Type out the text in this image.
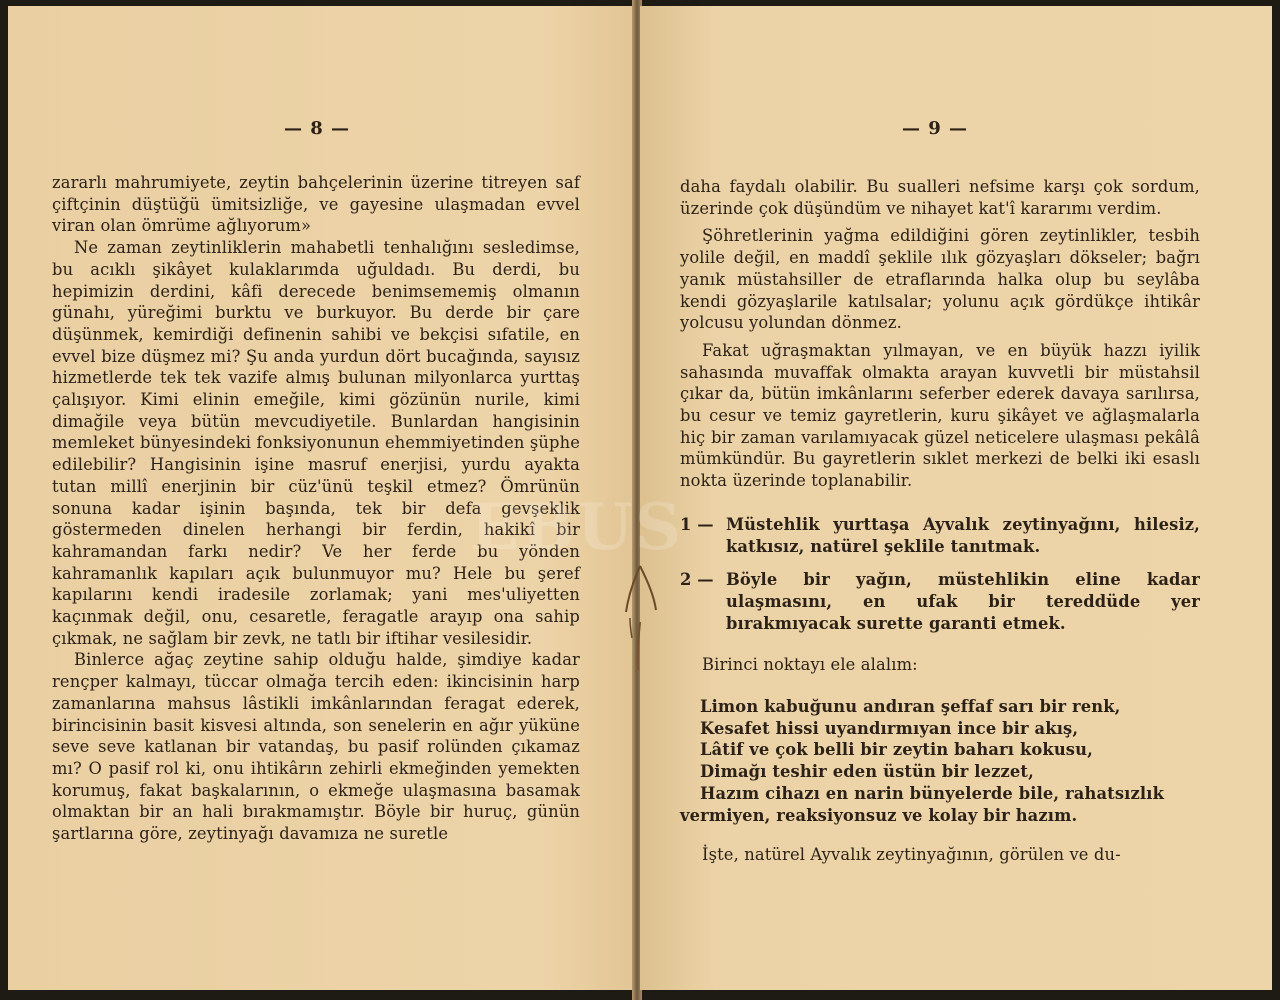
— 8 —

zararlı mahrumiyete, zeytin bahçelerinin üzerine titreyen saf çiftçinin düştüğü ümitsizliğe, ve gayesine ulaşmadan evvel viran olan ömrüme ağlıyorum»

Ne zaman zeytinliklerin mahabetli tenhalığını sesledimse, bu acıklı şikâyet kulaklarımda uğuldadı. Bu derdi, bu hepimizin derdini, kâfi derecede benimsememiş olmanın günahı, yüreğimi burktu ve burkuyor. Bu derde bir çare düşünmek, kemirdiği definenin sahibi ve bekçisi sıfatile, en evvel bize düşmez mi? Şu anda yurdun dört bucağında, sayısız hizmetlerde tek tek vazife almış bulunan milyonlarca yurttaş çalışıyor. Kimi elinin emeğile, kimi gözünün nurile, kimi dimağile veya bütün mevcudiyetile. Bunlardan hangisinin memleket bünyesindeki fonksiyonunun ehemmiyetinden şüphe edilebilir? Hangisinin işine masruf enerjisi, yurdu ayakta tutan millî enerjinin bir cüz'ünü teşkil etmez? Ömrünün sonuna kadar işinin başında, tek bir defa gevşeklik göstermeden dinelen herhangi bir ferdin, hakikî bir kahramandan farkı nedir? Ve her ferde bu yönden kahramanlık kapıları açık bulunmuyor mu? Hele bu şeref kapılarını kendi iradesile zorlamak; yani mes'uliyetten kaçınmak değil, onu, cesaretle, feragatle arayıp ona sahip çıkmak, ne sağlam bir zevk, ne tatlı bir iftihar vesilesidir.

Binlerce ağaç zeytine sahip olduğu halde, şimdiye kadar rençper kalmayı, tüccar olmağa tercih eden: ikincisinin harp zamanlarına mahsus lâstikli imkânlarından feragat ederek, birincisinin basit kisvesi altında, son senelerin en ağır yüküne seve seve katlanan bir vatandaş, bu pasif rolünden çıkamaz mı? O pasif rol ki, onu ihtikârın zehirli ekmeğinden yemekten korumuş, fakat başkalarının, o ekmeğe ulaşmasına basamak olmaktan bir an hali bırakmamıştır. Böyle bir huruç, günün şartlarına göre, zeytinyağı davamıza ne suretle

— 9 —

daha faydalı olabilir. Bu sualleri nefsime karşı çok sordum, üzerinde çok düşündüm ve nihayet kat'î kararımı verdim.

Şöhretlerinin yağma edildiğini gören zeytinlikler, tesbih yolile değil, en maddî şeklile ılık gözyaşları dökseler; bağrı yanık müstahsiller de etraflarında halka olup bu seylâba kendi gözyaşlarile katılsalar; yolunu açık gördükçe ihtikâr yolcusu yolundan dönmez.

Fakat uğraşmaktan yılmayan, ve en büyük hazzı iyilik sahasında muvaffak olmakta arayan kuvvetli bir müstahsil çıkar da, bütün imkânlarını seferber ederek davaya sarılırsa, bu cesur ve temiz gayretlerin, kuru şikâyet ve ağlaşmalarla hiç bir zaman varılamıyacak güzel neticelere ulaşması pekâlâ mümkündür. Bu gayretlerin sıklet merkezi de belki iki esaslı nokta üzerinde toplanabilir.

1 — Müstehlik yurttaşa Ayvalık zeytinyağını, hilesiz, katkısız, natürel şeklile tanıtmak.

2 — Böyle bir yağın, müstehlikin eline kadar ulaşmasını, en ufak bir tereddüde yer bırakmıyacak surette garanti etmek.

Birinci noktayı ele alalım:

Limon kabuğunu andıran şeffaf sarı bir renk,

Kesafet hissi uyandırmıyan ince bir akış,

Lâtif ve çok belli bir zeytin baharı kokusu,

Dimağı teshir eden üstün bir lezzet,

Hazım cihazı en narin bünyelerde bile, rahatsızlık

vermiyen, reaksiyonsuz ve kolay bir hazım.

İşte, natürel Ayvalık zeytinyağının, görülen ve du-

EBUS
